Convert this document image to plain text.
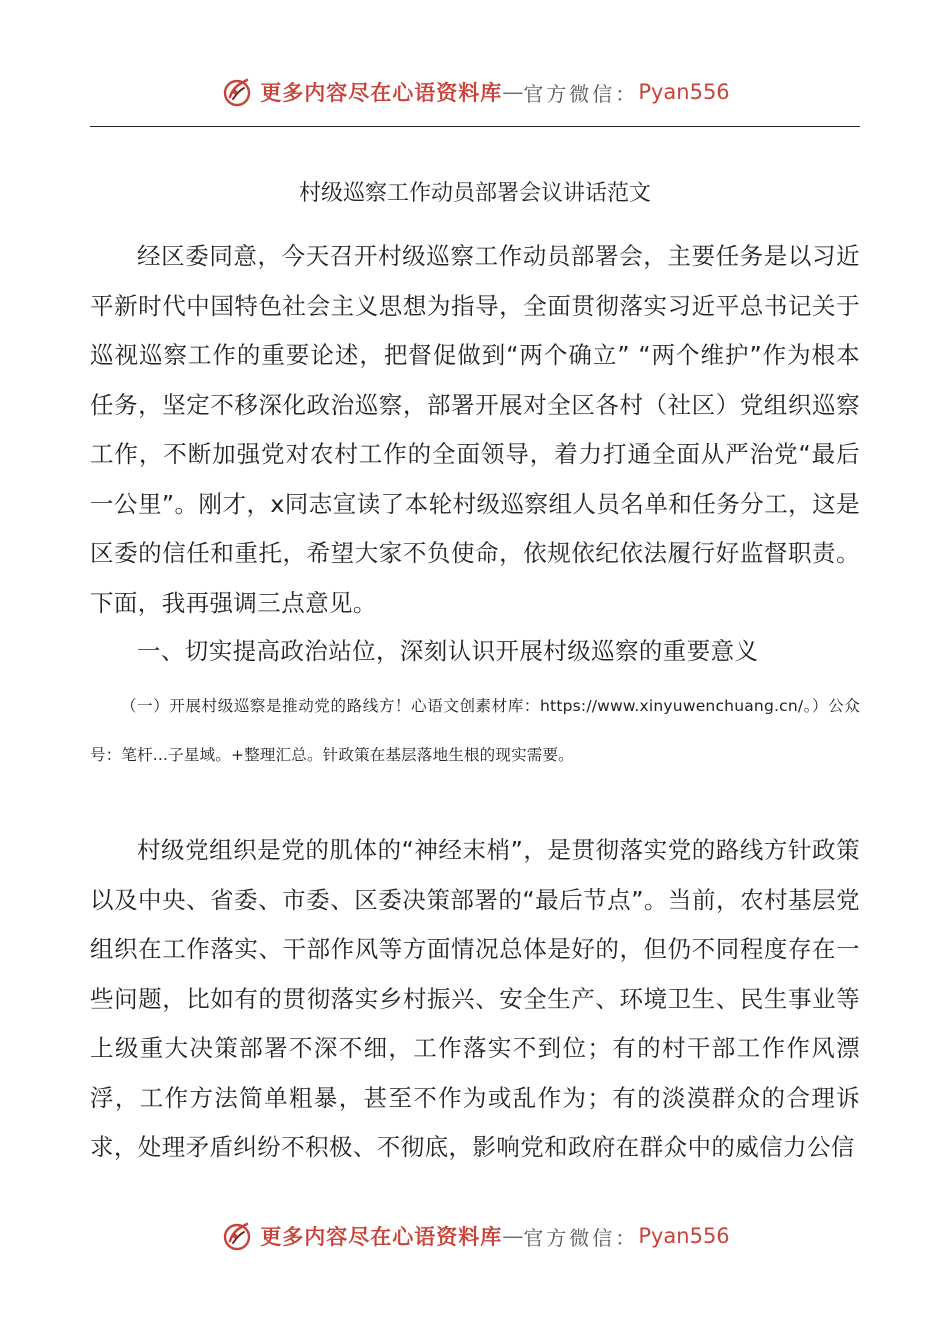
更多内容尽在心语资料库 — 官方微信： Pyan556
村级巡察工作动员部署会议讲话范文

经区委同意，今天召开村级巡察工作动员部署会，主要任务是以习近平新时代中国特色社会主义思想为指导，全面贯彻落实习近平总书记关于巡视巡察工作的重要论述，把督促做到“两个确立” “两个维护”作为根本任务，坚定不移深化政治巡察，部署开展对全区各村（社区）党组织巡察工作，不断加强党对农村工作的全面领导，着力打通全面从严治党“最后一公里”。刚才，x同志宣读了本轮村级巡察组人员名单和任务分工，这是区委的信任和重托，希望大家不负使命，依规依纪依法履行好监督职责。下面，我再强调三点意见。

一、切实提高政治站位，深刻认识开展村级巡察的重要意义

（一）开展村级巡察是推动党的路线方！心语文创素材库：https://www.xinyuwenchuang.cn/。）公众号：笔杆...子星域。+整理汇总。针政策在基层落地生根的现实需要。

村级党组织是党的肌体的“神经末梢”，是贯彻落实党的路线方针政策以及中央、省委、市委、区委决策部署的“最后节点”。当前，农村基层党组织在工作落实、干部作风等方面情况总体是好的，但仍不同程度存在一些问题，比如有的贯彻落实乡村振兴、安全生产、环境卫生、民生事业等上级重大决策部署不深不细，工作落实不到位；有的村干部工作作风漂浮，工作方法简单粗暴，甚至不作为或乱作为；有的淡漠群众的合理诉求，处理矛盾纠纷不积极、不彻底，影响党和政府在群众中的威信力公信

更多内容尽在心语资料库 — 官方微信： Pyan556
